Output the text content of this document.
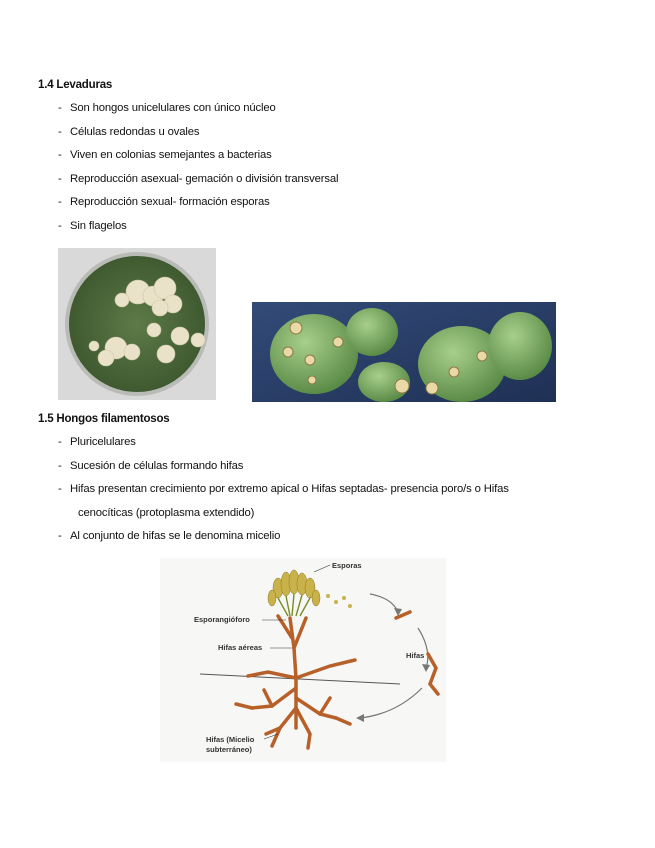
1.4 Levaduras
- Son hongos unicelulares con único núcleo
- Células redondas u ovales
- Viven en colonias semejantes a bacterias
- Reproducción asexual- gemación o división transversal
- Reproducción sexual- formación esporas
- Sin flagelos
1.5 Hongos filamentosos
- Pluricelulares
- Sucesión de células formando hifas
- Hifas presentan crecimiento por extremo apical o Hifas septadas- presencia poro/s o Hifas
cenocíticas (protoplasma extendido)
- Al conjunto de hifas se le denomina micelio
Esporas
Esporangióforo
Hifas aéreas
Hifas
Hifas (Micelio
subterráneo)
